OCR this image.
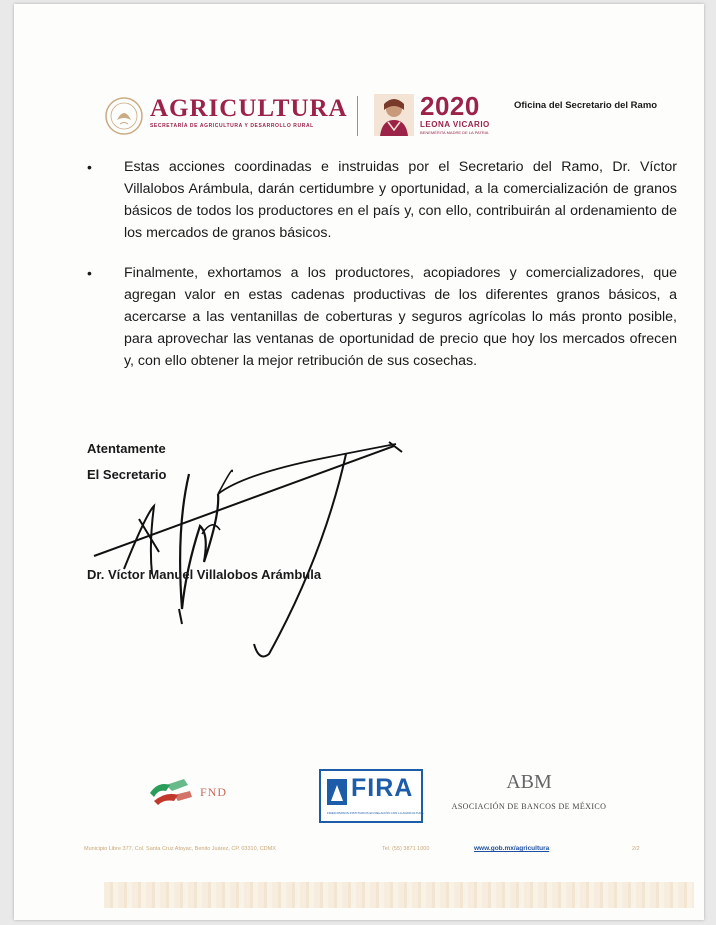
AGRICULTURA
SECRETARÍA DE AGRICULTURA Y DESARROLLO RURAL
2020
LEONA VICARIO
BENEMÉRITA MADRE DE LA PATRIA
Oficina del Secretario del Ramo
• Estas acciones coordinadas e instruidas por el Secretario del Ramo, Dr. Víctor Villalobos Arámbula, darán certidumbre y oportunidad, a la comercialización de granos básicos de todos los productores en el país y, con ello, contribuirán al ordenamiento de los mercados de granos básicos.
• Finalmente, exhortamos a los productores, acopiadores y comercializadores, que agregan valor en estas cadenas productivas de los diferentes granos básicos, a acercarse a las ventanillas de coberturas y seguros agrícolas lo más pronto posible, para aprovechar las ventanas de oportunidad de precio que hoy los mercados ofrecen y, con ello obtener la mejor retribución de sus cosechas.
Atentamente
El Secretario
Dr. Víctor Manuel Villalobos Arámbula
FND	FIRA
FIDEICOMISOS INSTITUIDOS EN RELACIÓN CON LA AGRICULTURA
ABM
ASOCIACIÓN DE BANCOS DE MÉXICO
Municipio Libre 377, Col. Santa Cruz Atoyac, Benito Juárez, CP. 03310, CDMX	Tel. (55) 3871 1000	www.gob.mx/agricultura	2/2
